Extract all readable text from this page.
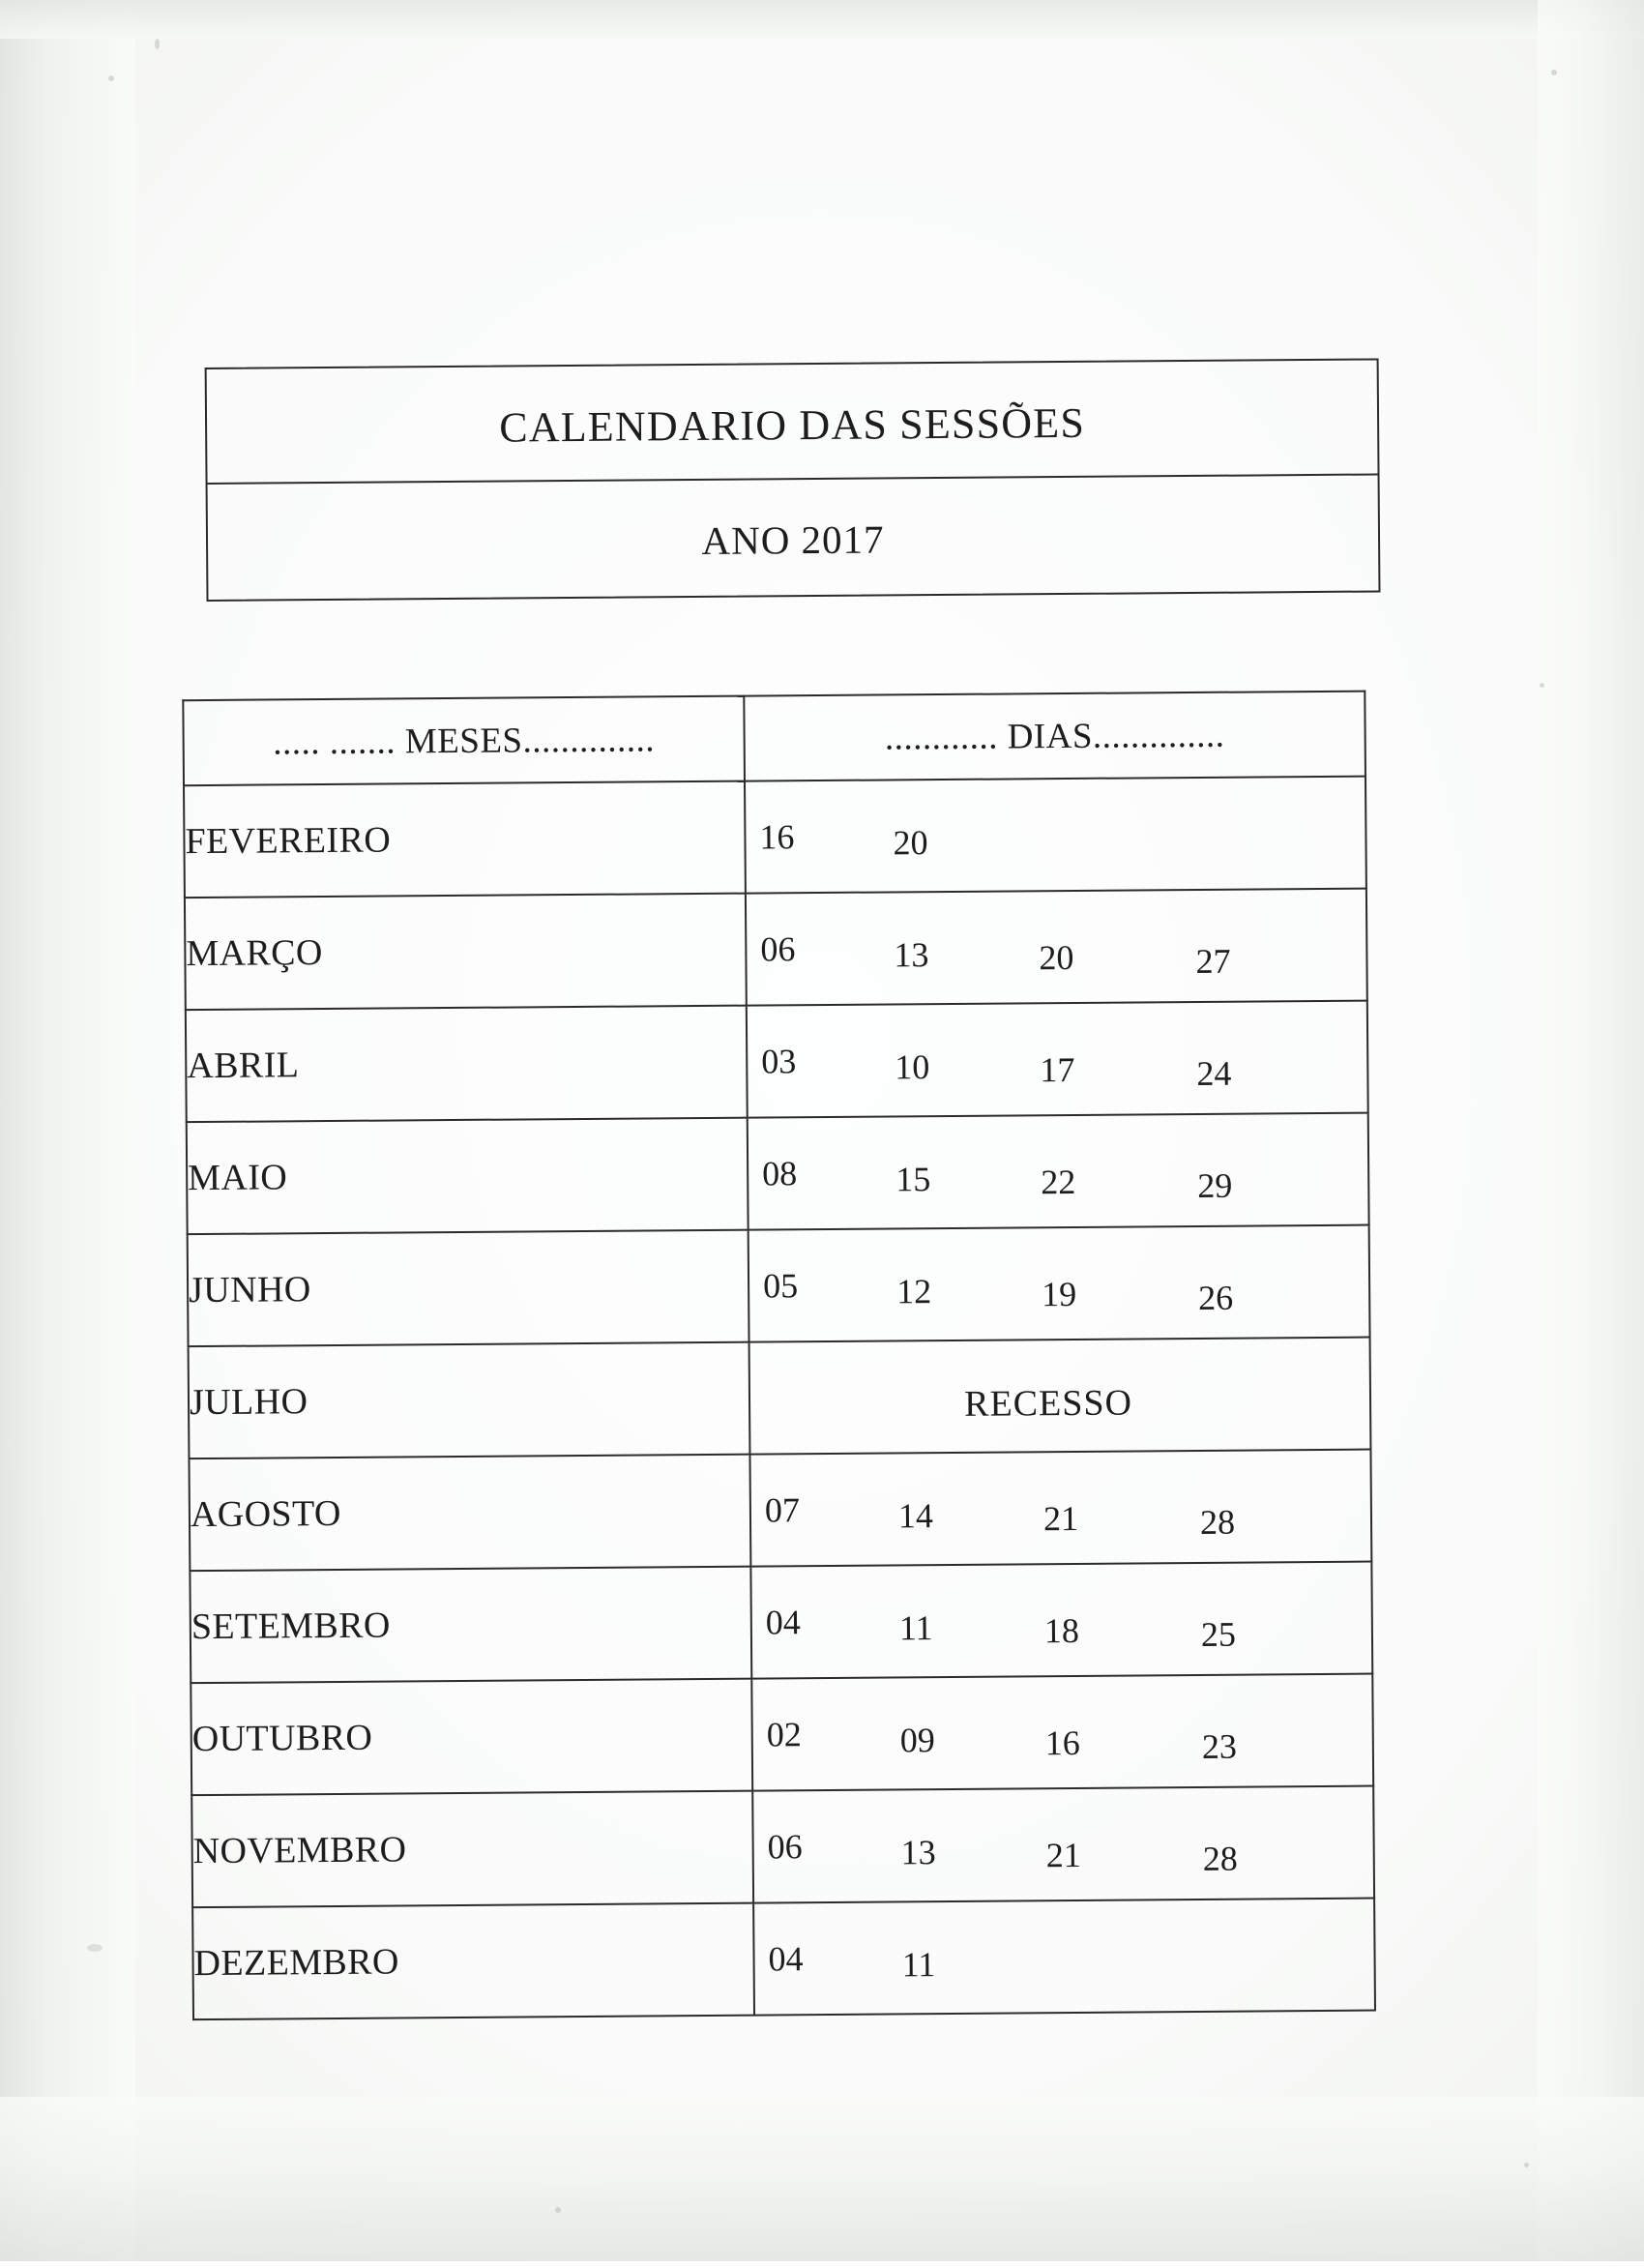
CALENDARIO DAS SESSÕES
ANO 2017
..... ....... MESES..............	............ DIAS..............
FEVEREIRO	16 20

MARÇO	06 13 20 27

ABRIL	03 10 17 24

MAIO	08 15 22 29

JUNHO	05 12 19 26

JULHO	RECESSO

AGOSTO	07 14 21 28

SETEMBRO	04 11 18 25

OUTUBRO	02 09 16 23

NOVEMBRO	06 13 21 28

DEZEMBRO	04 11
